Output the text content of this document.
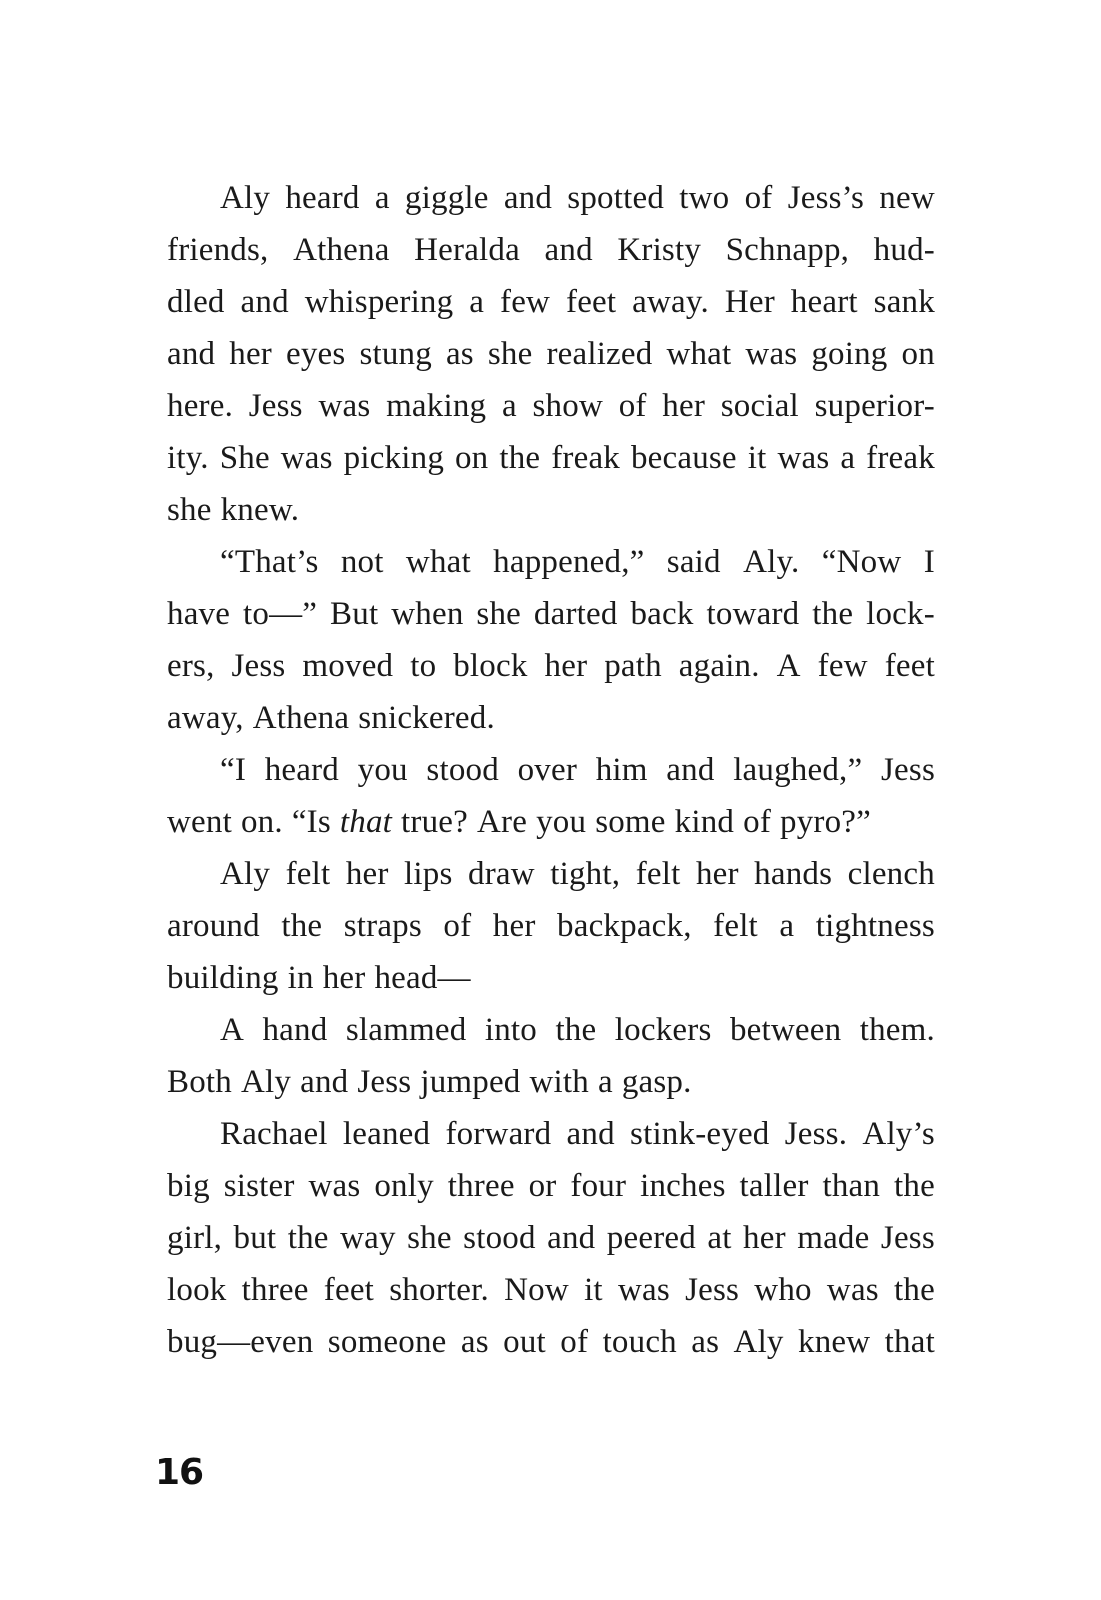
Aly heard a giggle and spotted two of Jess’s new
friends, Athena Heralda and Kristy Schnapp, hud-
dled and whispering a few feet away. Her heart sank
and her eyes stung as she realized what was going on
here. Jess was making a show of her social superior-
ity. She was picking on the freak because it was a freak
she knew.
“That’s not what happened,” said Aly. “Now I
have to—” But when she darted back toward the lock-
ers, Jess moved to block her path again. A few feet
away, Athena snickered.
“I heard you stood over him and laughed,” Jess
went on. “Is that true? Are you some kind of pyro?”
Aly felt her lips draw tight, felt her hands clench
around the straps of her backpack, felt a tightness
building in her head—
A hand slammed into the lockers between them.
Both Aly and Jess jumped with a gasp.
Rachael leaned forward and stink-eyed Jess. Aly’s
big sister was only three or four inches taller than the
girl, but the way she stood and peered at her made Jess
look three feet shorter. Now it was Jess who was the
bug—even someone as out of touch as Aly knew that
16
